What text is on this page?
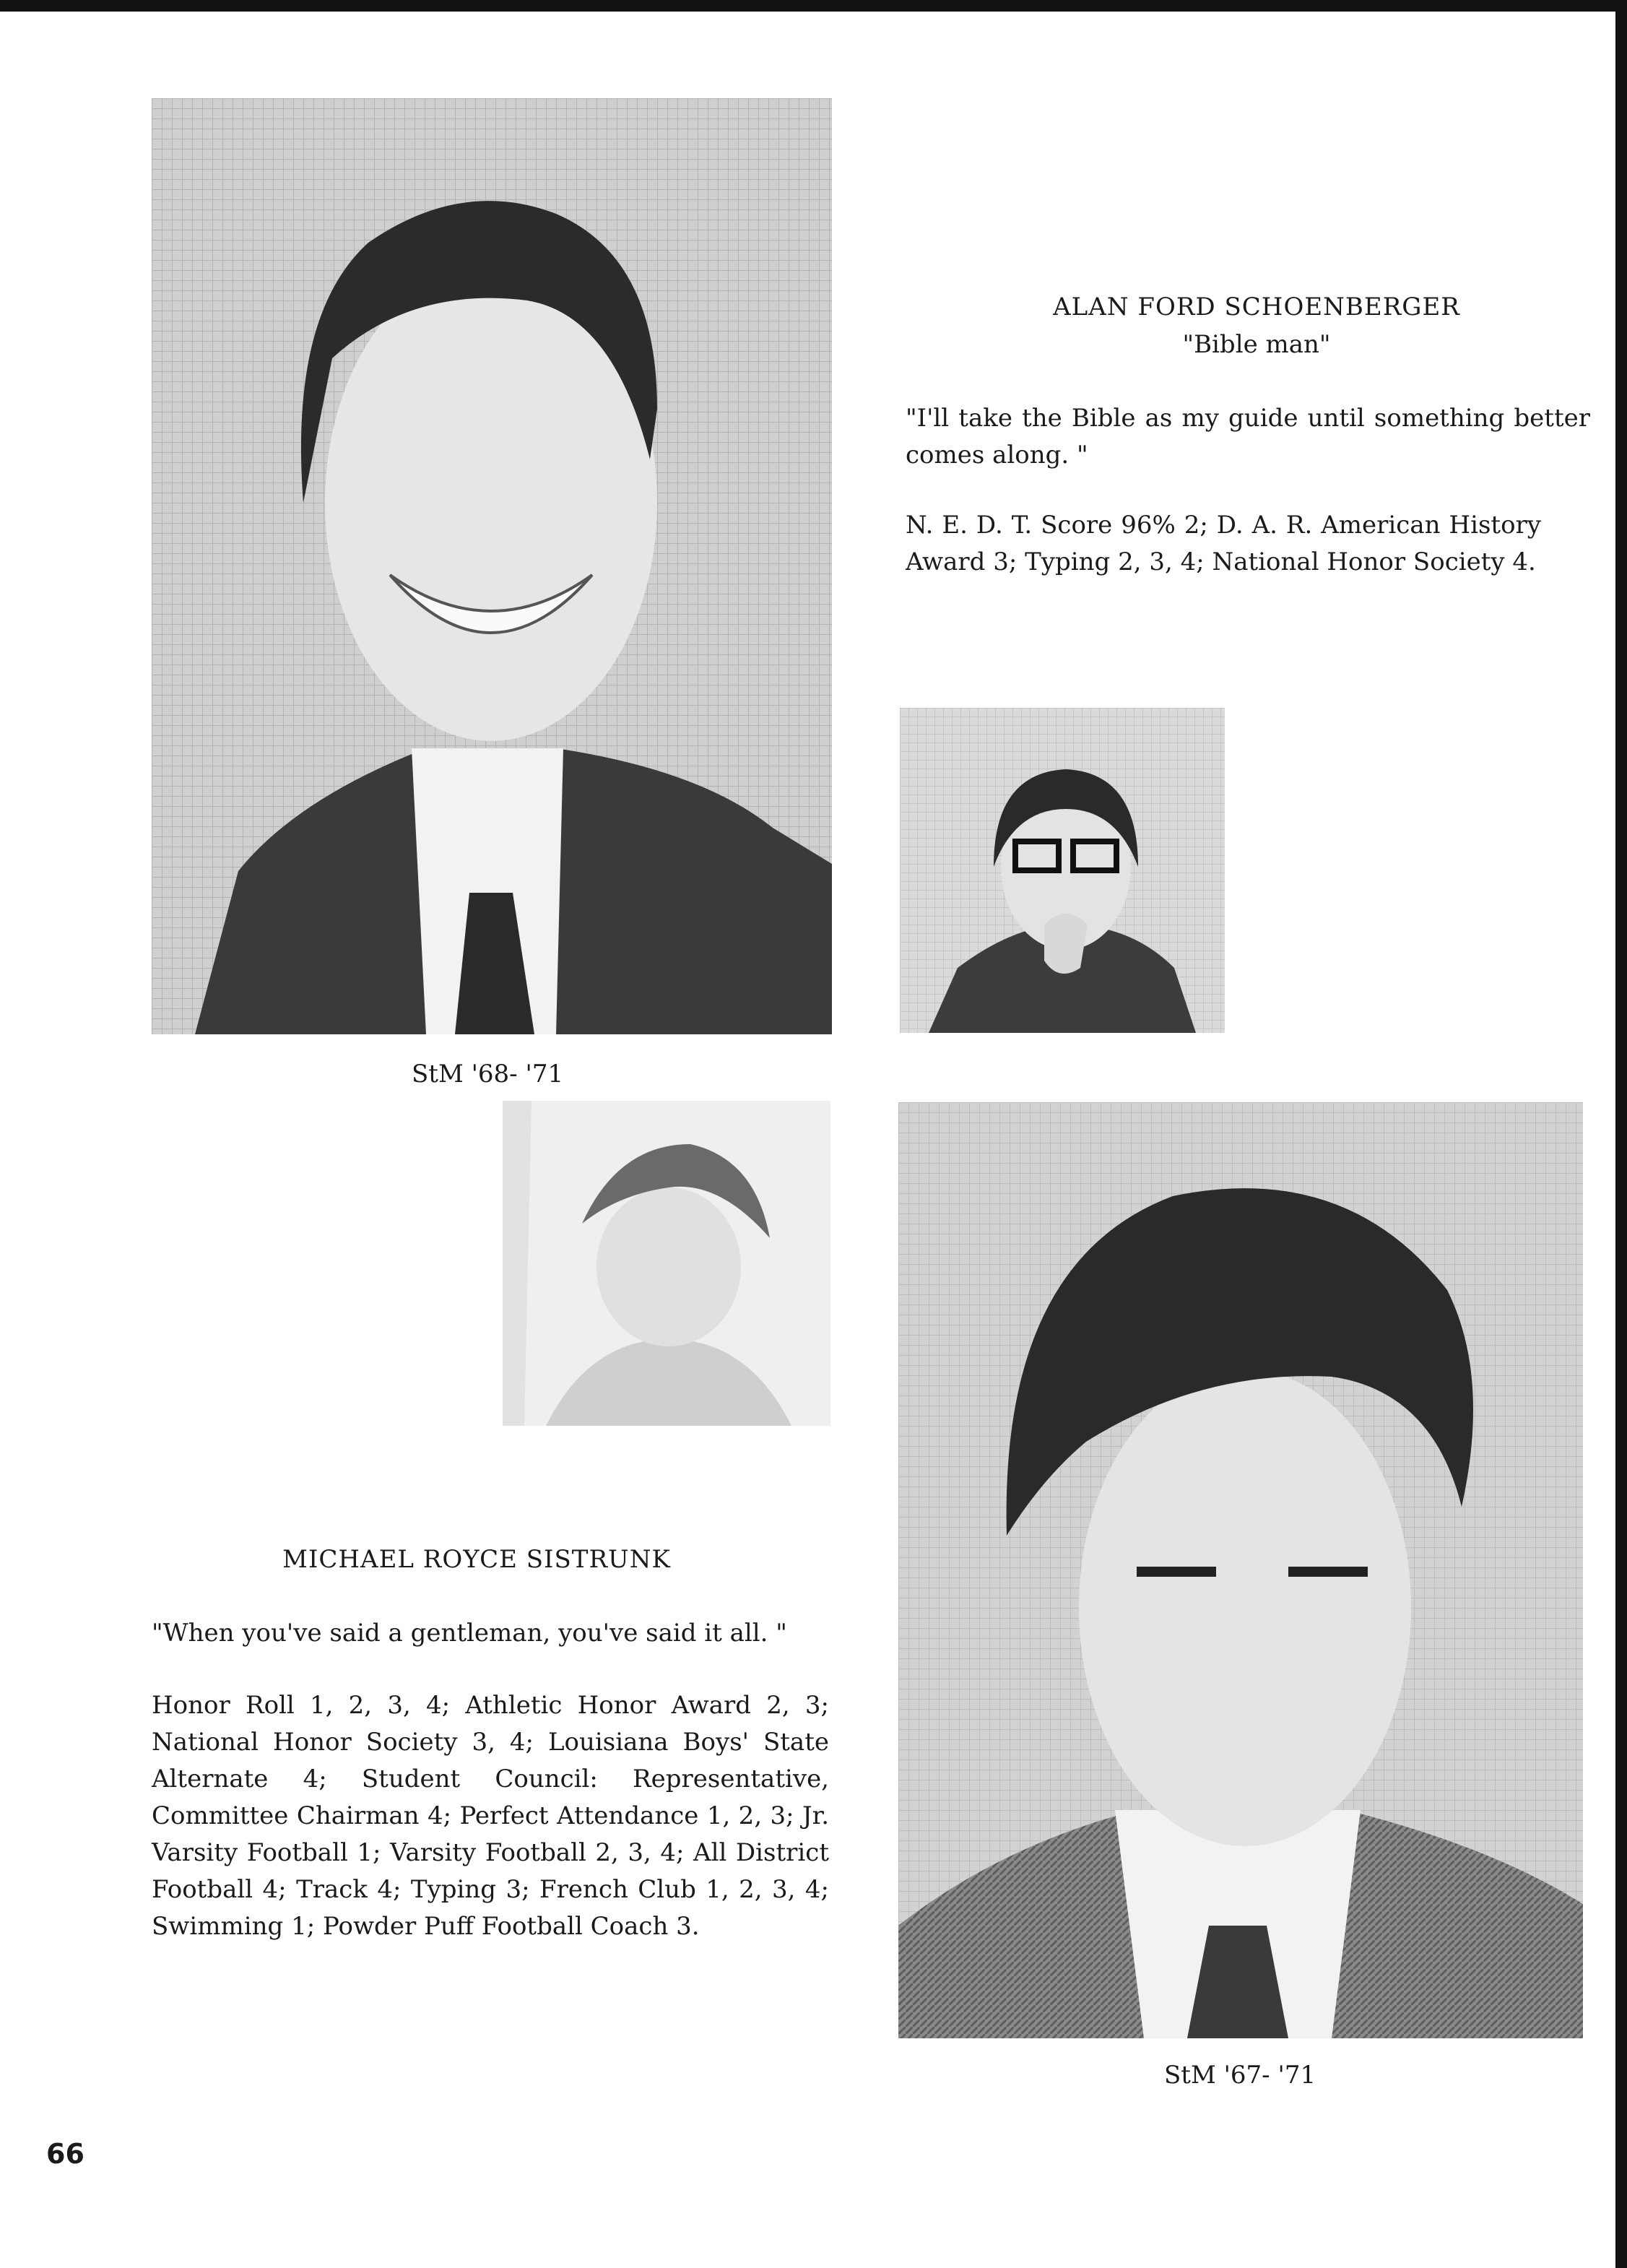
StM '68- '71
ALAN FORD SCHOENBERGER
"Bible man"
"I'll take the Bible as my guide until something better comes along. "
N. E. D. T. Score 96% 2; D. A. R. American History Award 3; Typing 2, 3, 4; National Honor Society 4.
MICHAEL ROYCE SISTRUNK
"When you've said a gentleman, you've said it all. "
Honor Roll 1, 2, 3, 4; Athletic Honor Award 2, 3; National Honor Society 3, 4; Louisiana Boys' State Alternate 4; Student Council: Representative, Committee Chairman 4; Perfect Attendance 1, 2, 3; Jr. Varsity Football 1; Varsity Football 2, 3, 4; All District Football 4; Track 4; Typing 3; French Club 1, 2, 3, 4; Swimming 1; Powder Puff Football Coach 3.
StM '67- '71
66
